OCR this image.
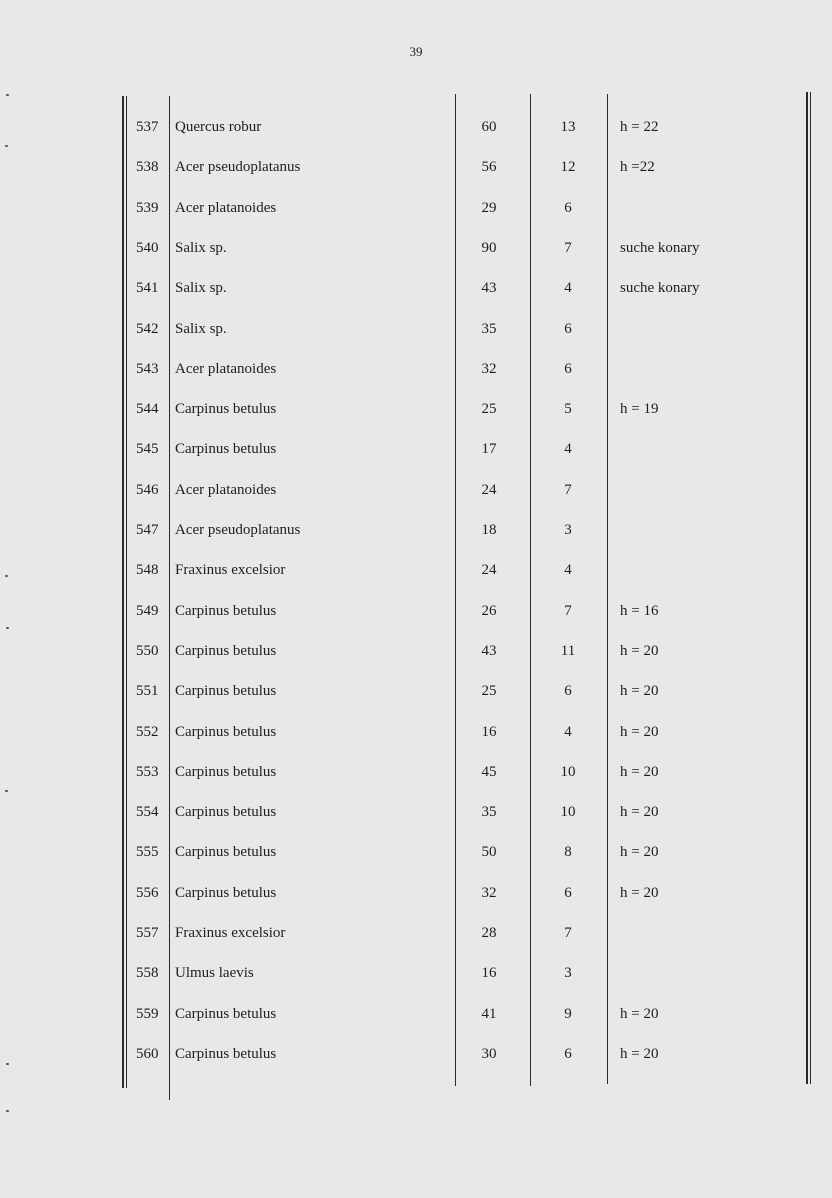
39
537 Quercus robur	60	13	h = 22
538 Acer pseudoplatanus	56	12	h =22
539 Acer platanoides	29	6
540 Salix sp.	90	7	suche konary
541 Salix sp.	43	4	suche konary
542 Salix sp.	35	6
543 Acer platanoides	32	6
544 Carpinus betulus	25	5	h = 19
545 Carpinus betulus	17	4
546 Acer platanoides	24	7
547 Acer pseudoplatanus	18	3
548 Fraxinus excelsior	24	4
549 Carpinus betulus	26	7	h = 16
550 Carpinus betulus	43	11	h = 20
551 Carpinus betulus	25	6	h = 20
552 Carpinus betulus	16	4	h = 20
553 Carpinus betulus	45	10	h = 20
554 Carpinus betulus	35	10	h = 20
555 Carpinus betulus	50	8	h = 20
556 Carpinus betulus	32	6	h = 20
557 Fraxinus excelsior	28	7
558 Ulmus laevis	16	3
559 Carpinus betulus	41	9	h = 20
560 Carpinus betulus	30	6	h = 20
